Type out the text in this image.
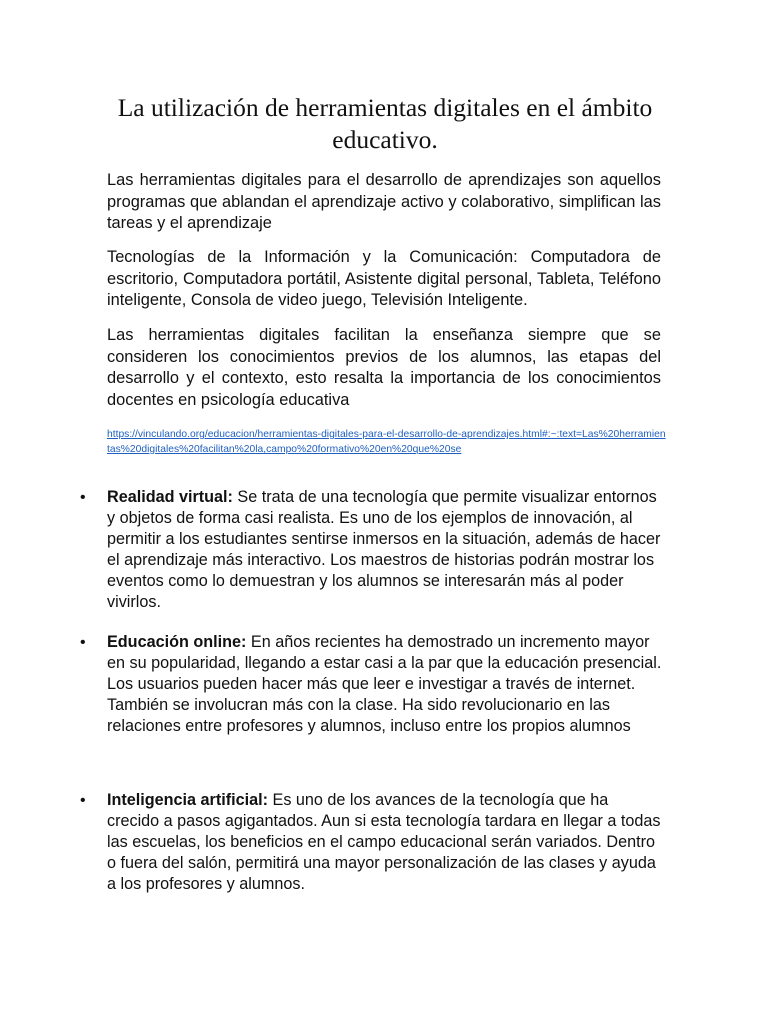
La utilización de herramientas digitales en el ámbito educativo.

Las herramientas digitales para el desarrollo de aprendizajes son aquellos programas que ablandan el aprendizaje activo y colaborativo, simplifican las tareas y el aprendizaje

Tecnologías de la Información y la Comunicación: Computadora de escritorio, Computadora portátil, Asistente digital personal, Tableta, Teléfono inteligente, Consola de video juego, Televisión Inteligente.

Las herramientas digitales facilitan la enseñanza siempre que se consideren los conocimientos previos de los alumnos, las etapas del desarrollo y el contexto, esto resalta la importancia de los conocimientos docentes en psicología educativa

https://vinculando.org/educacion/herramientas-digitales-para-el-desarrollo-de-aprendizajes.html#:~:text=Las%20herramientas%20digitales%20facilitan%20la,campo%20formativo%20en%20que%20se
• Realidad virtual: Se trata de una tecnología que permite visualizar entornos y objetos de forma casi realista. Es uno de los ejemplos de innovación, al permitir a los estudiantes sentirse inmersos en la situación, además de hacer el aprendizaje más interactivo. Los maestros de historias podrán mostrar los eventos como lo demuestran y los alumnos se interesarán más al poder vivirlos.

• Educación online: En años recientes ha demostrado un incremento mayor en su popularidad, llegando a estar casi a la par que la educación presencial. Los usuarios pueden hacer más que leer e investigar a través de internet. También se involucran más con la clase. Ha sido revolucionario en las relaciones entre profesores y alumnos, incluso entre los propios alumnos

• Inteligencia artificial: Es uno de los avances de la tecnología que ha crecido a pasos agigantados. Aun si esta tecnología tardara en llegar a todas las escuelas, los beneficios en el campo educacional serán variados. Dentro o fuera del salón, permitirá una mayor personalización de las clases y ayuda a los profesores y alumnos.
